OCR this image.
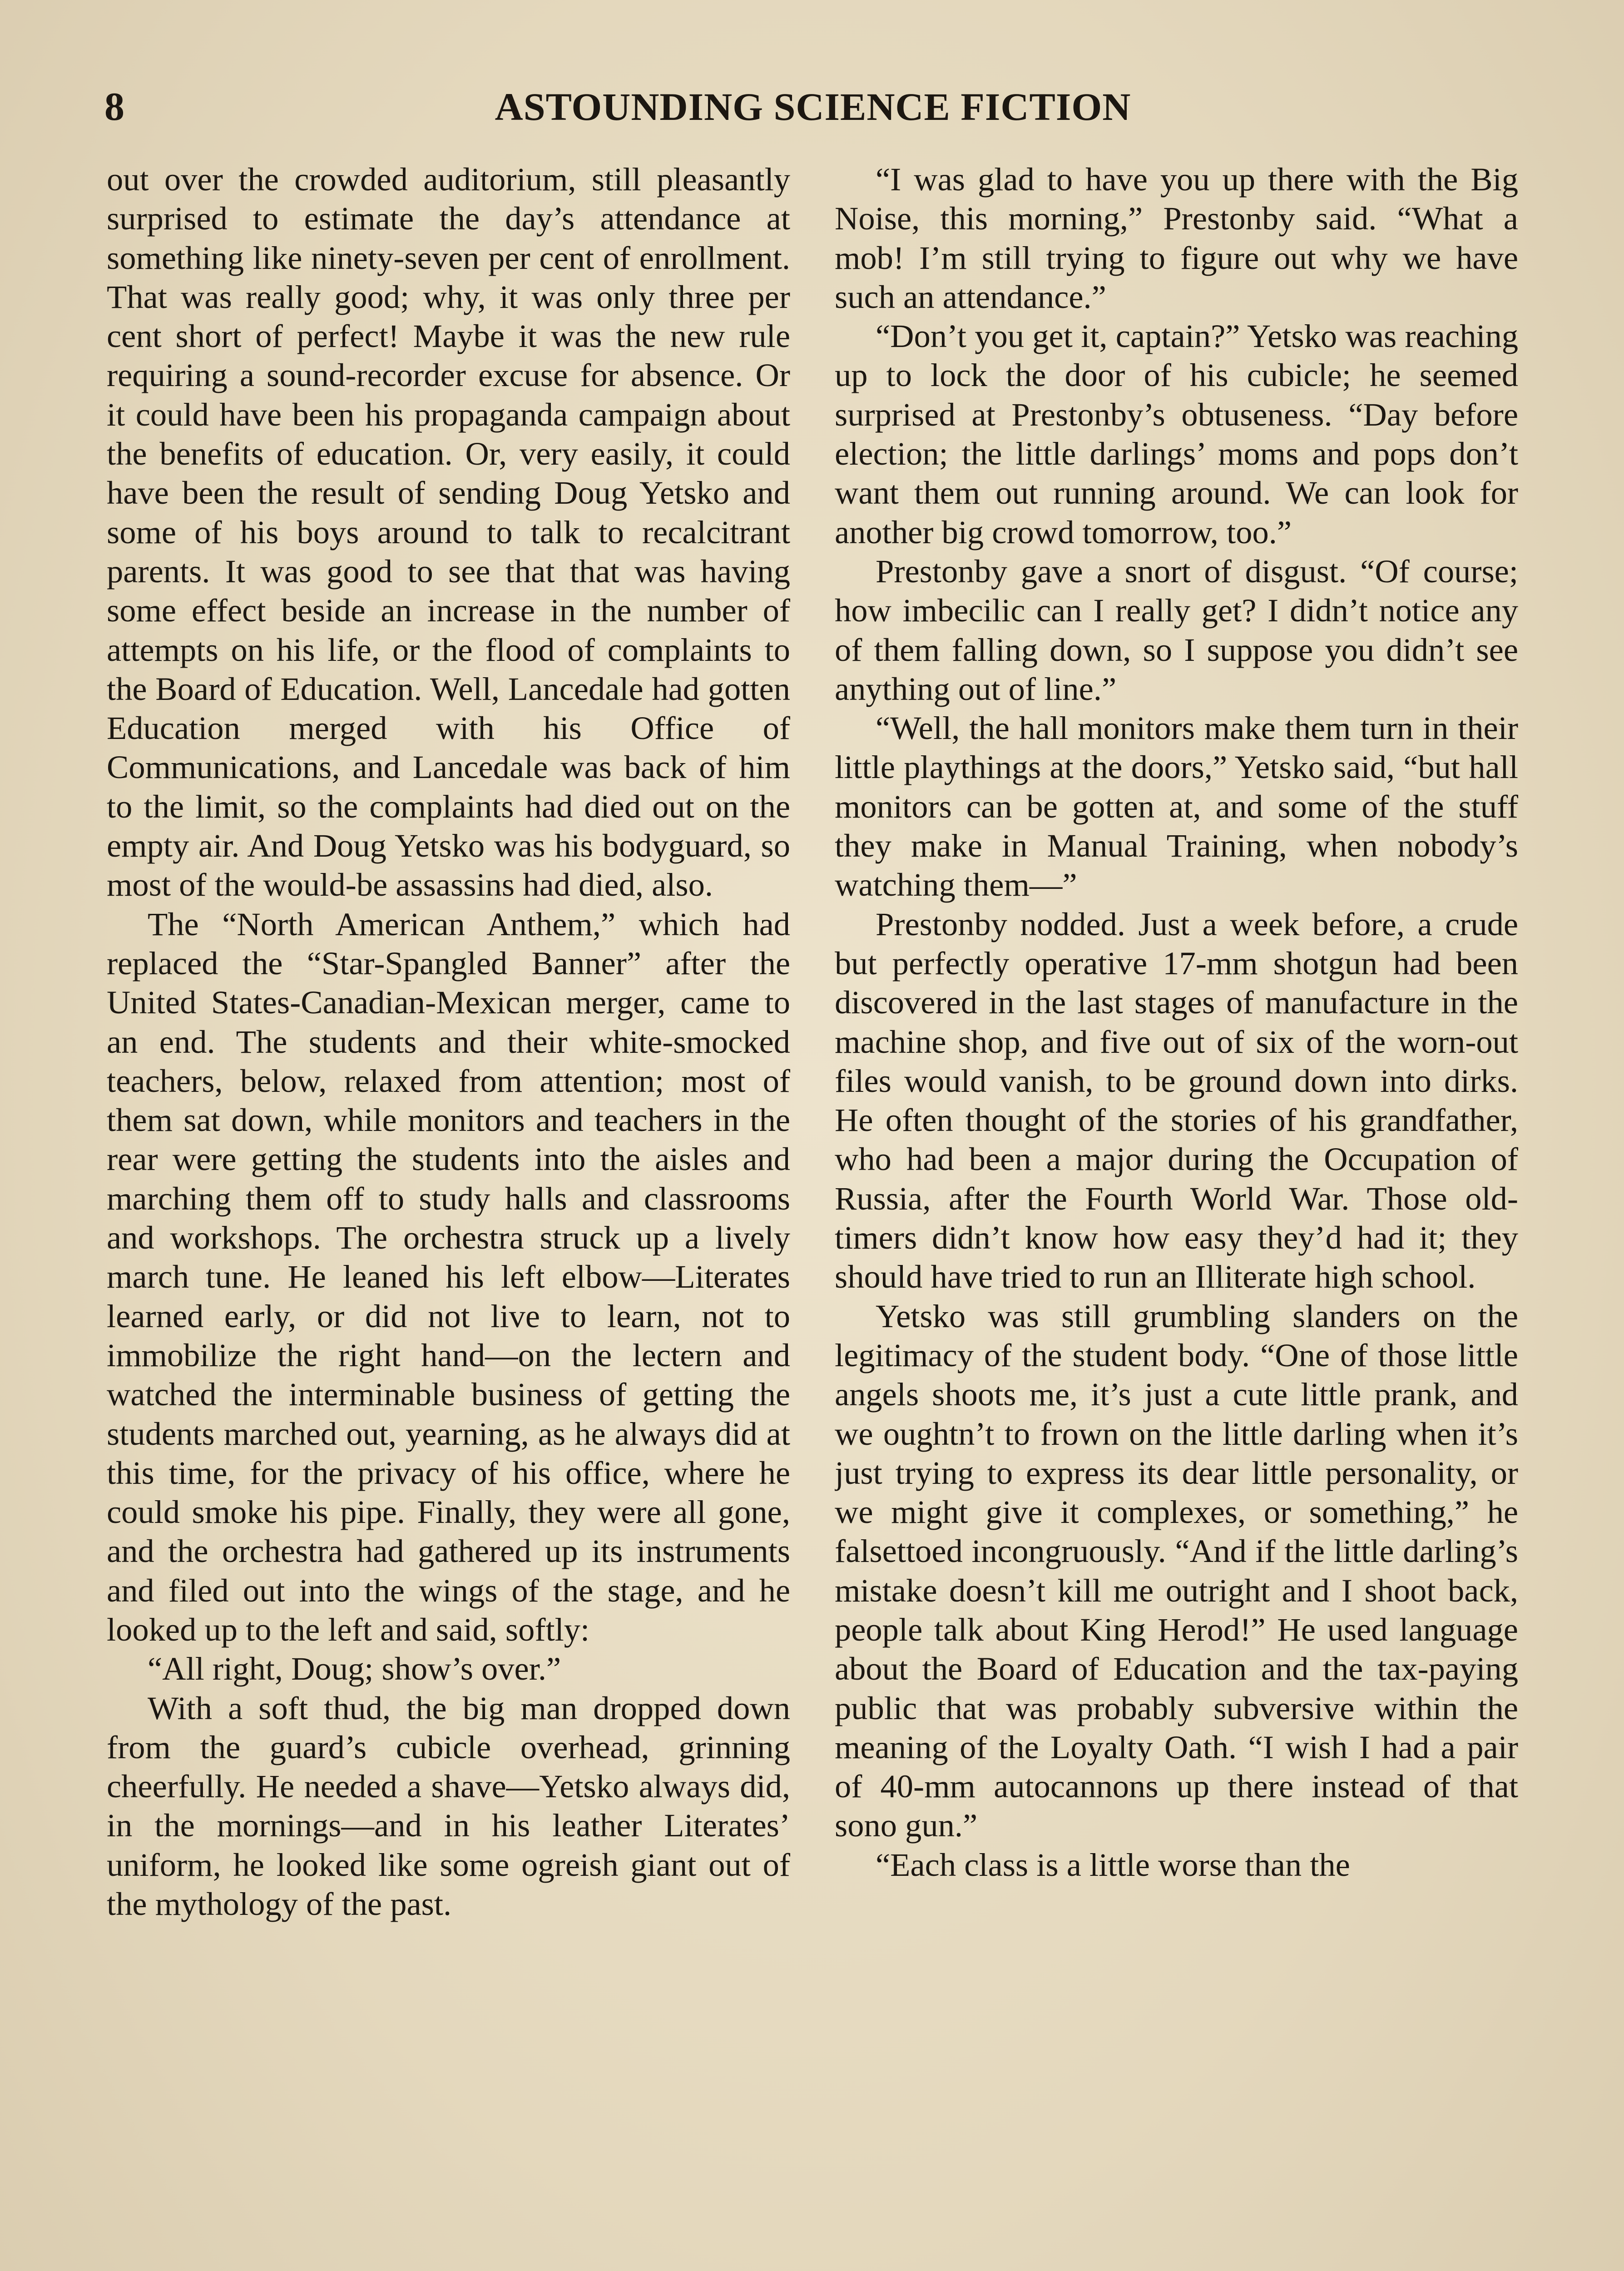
8	ASTOUNDING SCIENCE FICTION

out over the crowded auditorium, still pleasantly surprised to estimate the day’s attendance at something like ninety-seven per cent of enrollment. That was really good; why, it was only three per cent short of perfect! Maybe it was the new rule requiring a sound-recorder excuse for absence. Or it could have been his propaganda campaign about the benefits of education. Or, very easily, it could have been the result of sending Doug Yetsko and some of his boys around to talk to recalcitrant parents. It was good to see that that was having some effect beside an increase in the number of attempts on his life, or the flood of complaints to the Board of Education. Well, Lancedale had gotten Education merged with his Office of Communications, and Lancedale was back of him to the limit, so the complaints had died out on the empty air. And Doug Yetsko was his bodyguard, so most of the would-be assassins had died, also.

The “North American Anthem,” which had replaced the “Star-Spangled Banner” after the United States-Canadian-Mexican merger, came to an end. The students and their white-smocked teachers, below, relaxed from attention; most of them sat down, while monitors and teachers in the rear were getting the students into the aisles and marching them off to study halls and classrooms and workshops. The orchestra struck up a lively march tune. He leaned his left elbow—Literates learned early, or did not live to learn, not to immobilize the right hand—on the lectern and watched the interminable business of getting the students marched out, yearning, as he always did at this time, for the privacy of his office, where he could smoke his pipe. Finally, they were all gone, and the orchestra had gathered up its instruments and filed out into the wings of the stage, and he looked up to the left and said, softly:

“All right, Doug; show’s over.”

With a soft thud, the big man dropped down from the guard’s cubicle overhead, grinning cheerfully. He needed a shave—Yetsko always did, in the mornings—and in his leather Literates’ uniform, he looked like some ogreish giant out of the mythology of the past.

“I was glad to have you up there with the Big Noise, this morning,” Prestonby said. “What a mob! I’m still trying to figure out why we have such an attendance.”

“Don’t you get it, captain?” Yetsko was reaching up to lock the door of his cubicle; he seemed surprised at Prestonby’s obtuseness. “Day before election; the little darlings’ moms and pops don’t want them out running around. We can look for another big crowd tomorrow, too.”

Prestonby gave a snort of disgust. “Of course; how imbecilic can I really get? I didn’t notice any of them falling down, so I suppose you didn’t see anything out of line.”

“Well, the hall monitors make them turn in their little playthings at the doors,” Yetsko said, “but hall monitors can be gotten at, and some of the stuff they make in Manual Training, when nobody’s watching them—”

Prestonby nodded. Just a week before, a crude but perfectly operative 17-mm shotgun had been discovered in the last stages of manufacture in the machine shop, and five out of six of the worn-out files would vanish, to be ground down into dirks. He often thought of the stories of his grandfather, who had been a major during the Occupation of Russia, after the Fourth World War. Those old-timers didn’t know how easy they’d had it; they should have tried to run an Illiterate high school.

Yetsko was still grumbling slanders on the legitimacy of the student body. “One of those little angels shoots me, it’s just a cute little prank, and we oughtn’t to frown on the little darling when it’s just trying to express its dear little personality, or we might give it complexes, or something,” he falsettoed incongruously. “And if the little darling’s mistake doesn’t kill me outright and I shoot back, people talk about King Herod!” He used language about the Board of Education and the tax-paying public that was probably subversive within the meaning of the Loyalty Oath. “I wish I had a pair of 40-mm autocannons up there instead of that sono gun.”

“Each class is a little worse than the
